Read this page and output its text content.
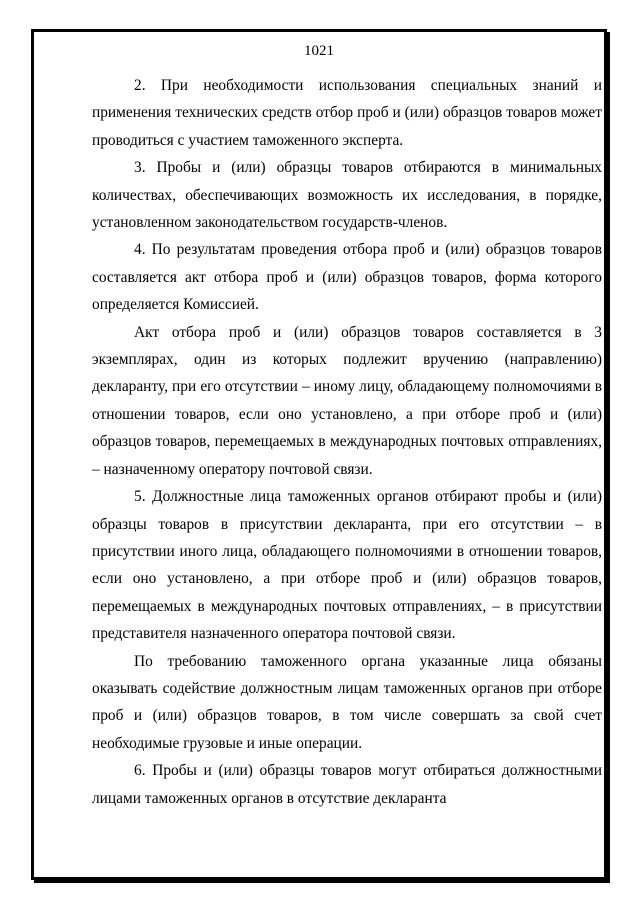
1021

2. При необходимости использования специальных знаний и применения технических средств отбор проб и (или) образцов товаров может проводиться с участием таможенного эксперта.

3. Пробы и (или) образцы товаров отбираются в минимальных количествах, обеспечивающих возможность их исследования, в порядке, установленном законодательством государств-членов.

4. По результатам проведения отбора проб и (или) образцов товаров составляется акт отбора проб и (или) образцов товаров, форма которого определяется Комиссией.

Акт отбора проб и (или) образцов товаров составляется в 3 экземплярах, один из которых подлежит вручению (направлению) декларанту, при его отсутствии – иному лицу, обладающему полномочиями в отношении товаров, если оно установлено, а при отборе проб и (или) образцов товаров, перемещаемых в международных почтовых отправлениях, – назначенному оператору почтовой связи.

5. Должностные лица таможенных органов отбирают пробы и (или) образцы товаров в присутствии декларанта, при его отсутствии – в присутствии иного лица, обладающего полномочиями в отношении товаров, если оно установлено, а при отборе проб и (или) образцов товаров, перемещаемых в международных почтовых отправлениях, – в присутствии представителя назначенного оператора почтовой связи.

По требованию таможенного органа указанные лица обязаны оказывать содействие должностным лицам таможенных органов при отборе проб и (или) образцов товаров, в том числе совершать за свой счет необходимые грузовые и иные операции.

6. Пробы и (или) образцы товаров могут отбираться должностными лицами таможенных органов в отсутствие декларанта
